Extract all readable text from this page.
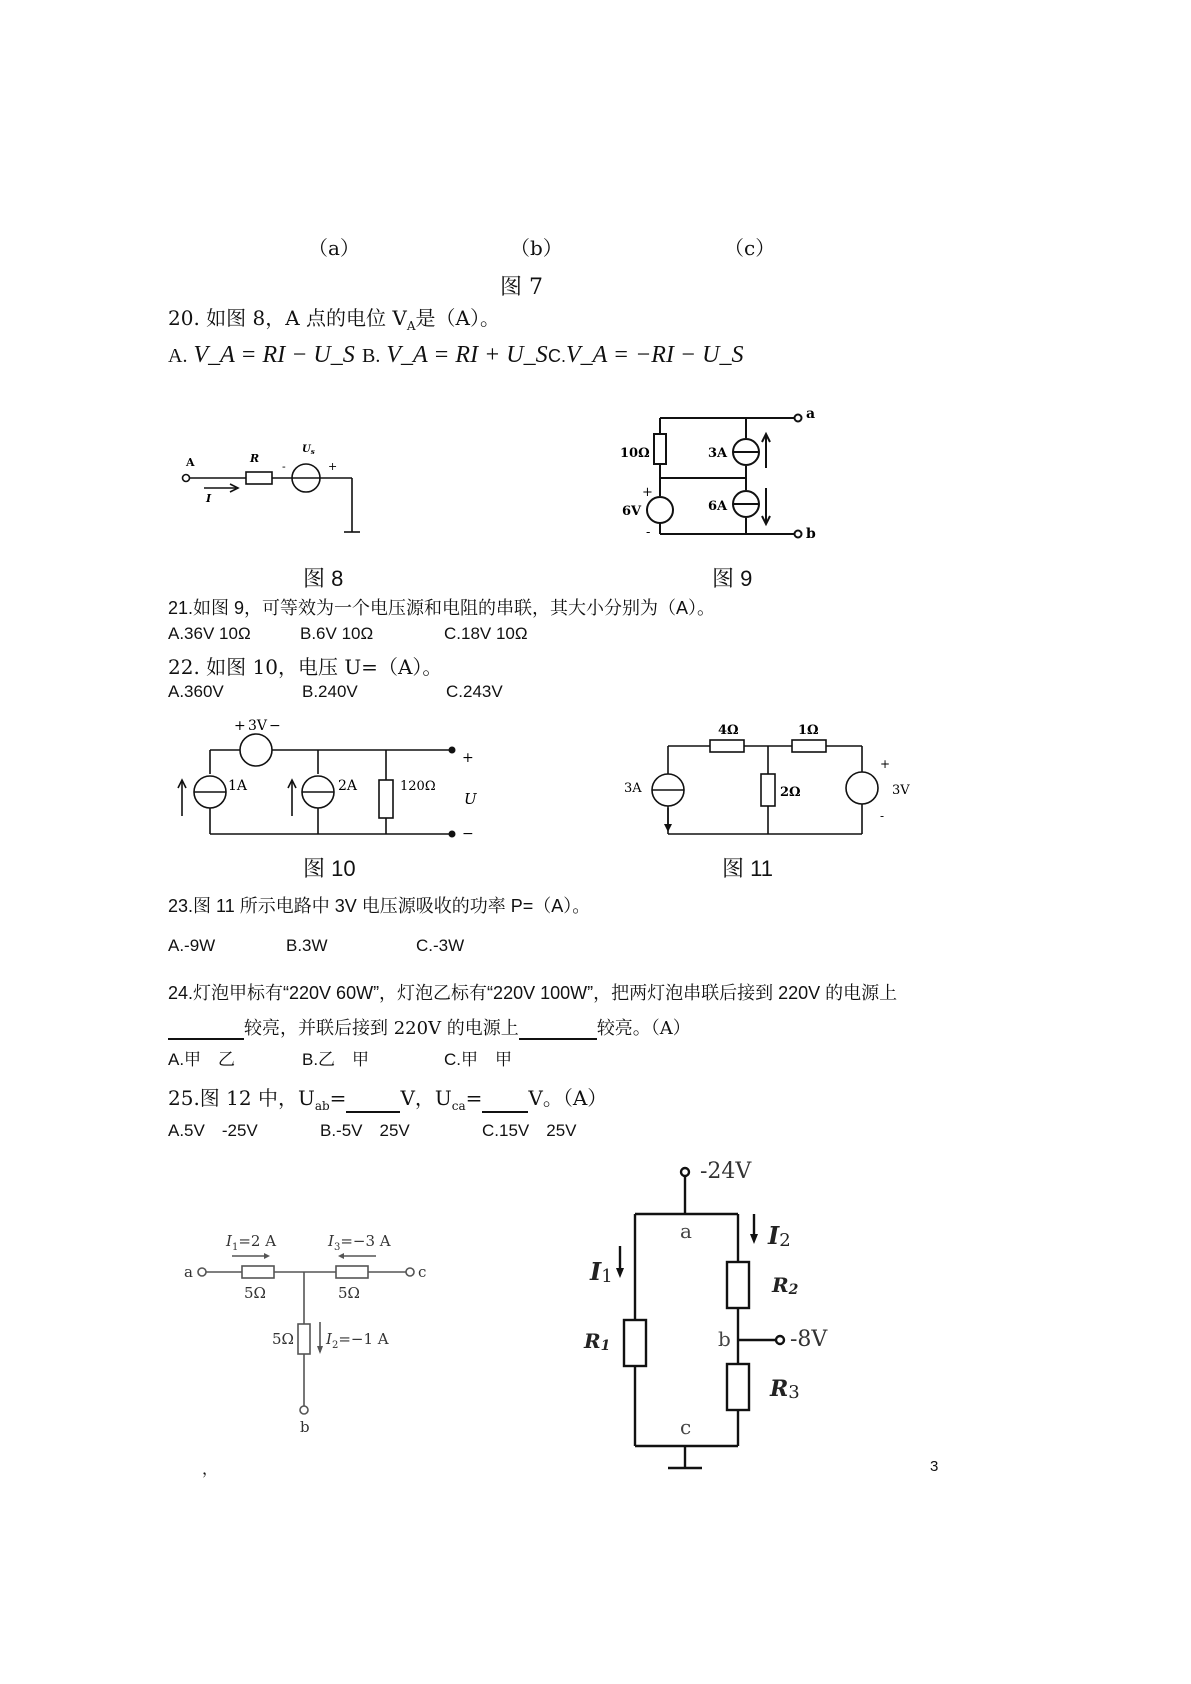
（a）	（b）	（c）
图 7
20. 如图 8，A 点的电位 $V_A$是（A）。
A. V_A = RI − U_S B. V_A = RI + U_S C.V_A = −RI − U_S
A	R
$U_s$
-	+
I
图 8
10Ω
6V
+
-
3A
6A
a
b
图 9
21.如图 9，可等效为一个电压源和电阻的串联，其大小分别为（A）。
A.36V 10Ω	B.6V 10Ω	C.18V 10Ω
22. 如图 10，电压 U=（A）。
A.360V	B.240V	C.243V
+ 3V −
1A	2A	120Ω
+
U
−
图 10
4Ω	1Ω
2Ω
3A	3V
+
-
图 11
23.图 11 所示电路中 3V 电压源吸收的功率 P=（A）。
A.-9W	B.3W	C.-3W
24.灯泡甲标有“220V 60W”，灯泡乙标有“220V 100W”，把两灯泡串联后接到 220V 的电源上
较亮，并联后接到 220V 的电源上	较亮。（A）
A.甲　乙	B.乙　甲	C.甲　甲
25.图 12 中，$U_{ab}=$	V，$U_{ca}= V$。（A）
A.5V　-25V	B.-5V　25V	C.15V　25V
$I_1=2$ A	$I_3=-3$ A
$I_2=-1$ A
5Ω	5Ω
5Ω
a	c
b
-24V
-8V
a
b
c
I1
I2
R1
R2
R3
，	3
